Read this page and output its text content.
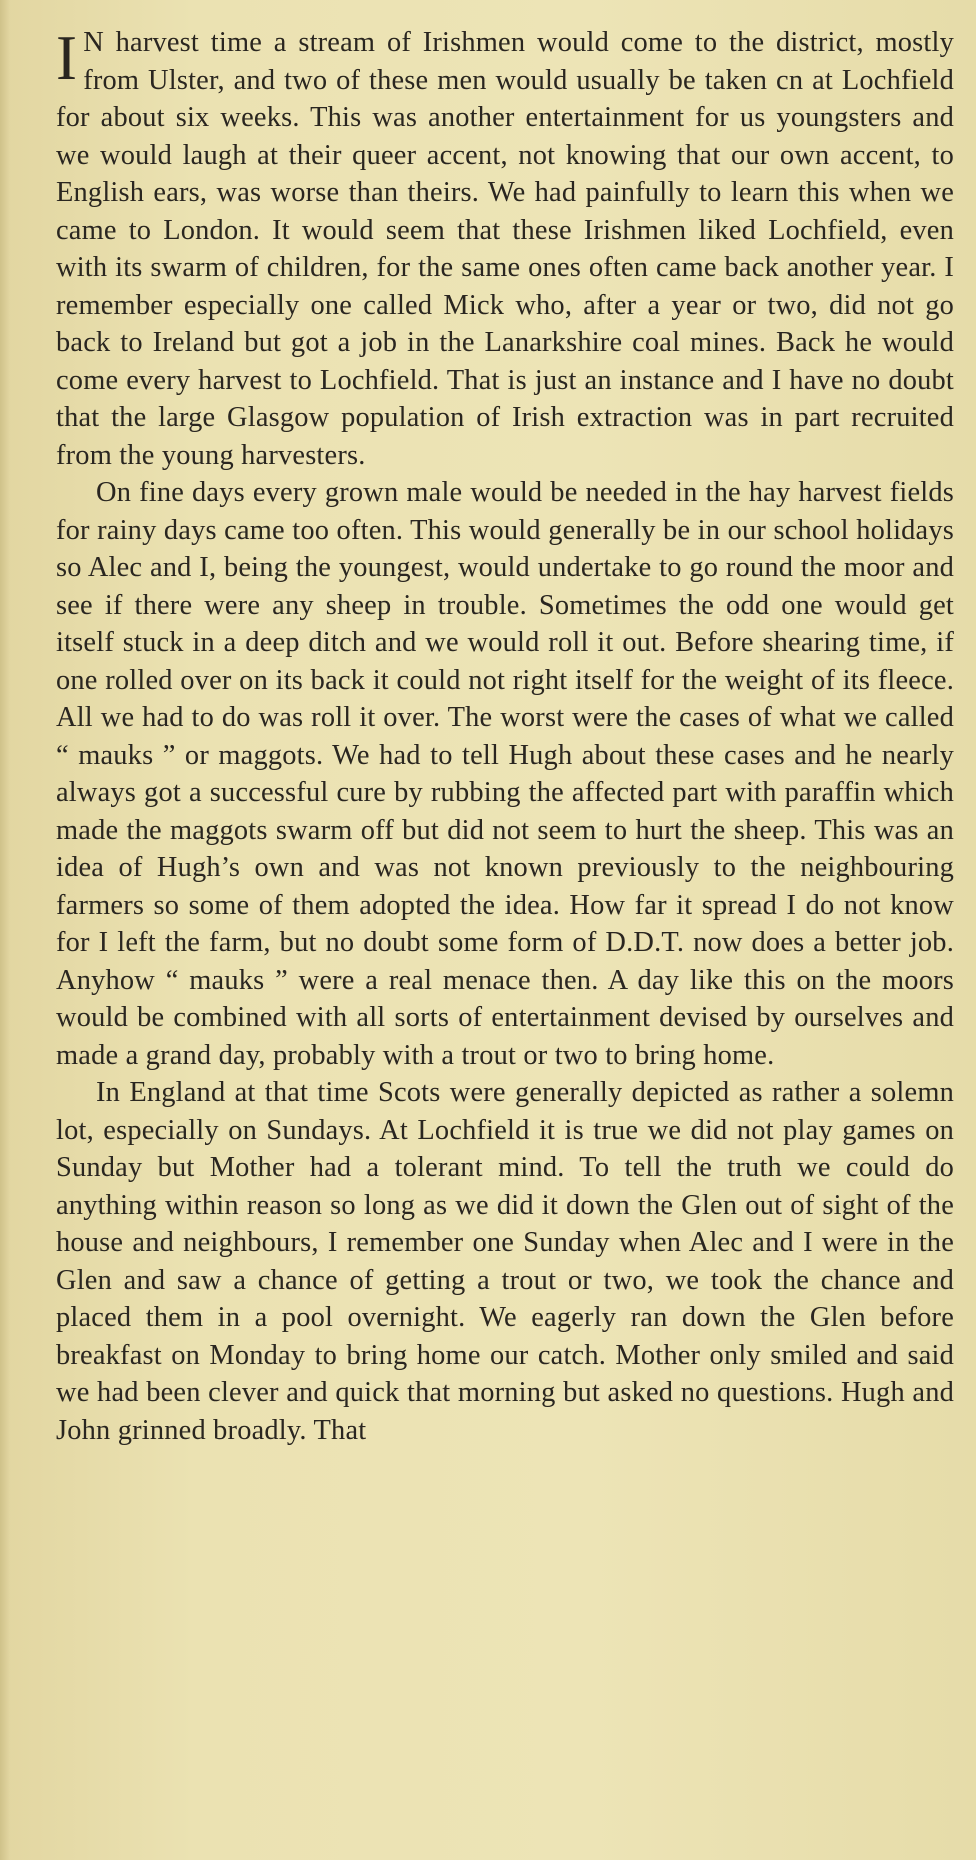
I N harvest time a stream of Irishmen would come to the district, mostly from Ulster, and two of these men would usually be taken cn at Lochfield for about six weeks. This was another entertainment for us youngsters and we would laugh at their queer accent, not knowing that our own accent, to English ears, was worse than theirs. We had painfully to learn this when we came to London. It would seem that these Irishmen liked Lochfield, even with its swarm of children, for the same ones often came back another year. I remember especially one called Mick who, after a year or two, did not go back to Ireland but got a job in the Lanarkshire coal mines. Back he would come every harvest to Lochfield. That is just an instance and I have no doubt that the large Glasgow population of Irish extraction was in part recruited from the young harvesters.

On fine days every grown male would be needed in the hay harvest fields for rainy days came too often. This would generally be in our school holidays so Alec and I, being the youngest, would undertake to go round the moor and see if there were any sheep in trouble. Sometimes the odd one would get itself stuck in a deep ditch and we would roll it out. Before shearing time, if one rolled over on its back it could not right itself for the weight of its fleece. All we had to do was roll it over. The worst were the cases of what we called “ mauks ” or maggots. We had to tell Hugh about these cases and he nearly always got a successful cure by rubbing the affected part with paraffin which made the maggots swarm off but did not seem to hurt the sheep. This was an idea of Hugh’s own and was not known previously to the neighbouring farmers so some of them adopted the idea. How far it spread I do not know for I left the farm, but no doubt some form of D.D.T. now does a better job. Anyhow “ mauks ” were a real menace then. A day like this on the moors would be combined with all sorts of entertainment devised by ourselves and made a grand day, probably with a trout or two to bring home.

In England at that time Scots were generally depicted as rather a solemn lot, especially on Sundays. At Lochfield it is true we did not play games on Sunday but Mother had a tolerant mind. To tell the truth we could do anything within reason so long as we did it down the Glen out of sight of the house and neighbours, I remember one Sunday when Alec and I were in the Glen and saw a chance of getting a trout or two, we took the chance and placed them in a pool overnight. We eagerly ran down the Glen before breakfast on Monday to bring home our catch. Mother only smiled and said we had been clever and quick that morning but asked no questions. Hugh and John grinned broadly. That
